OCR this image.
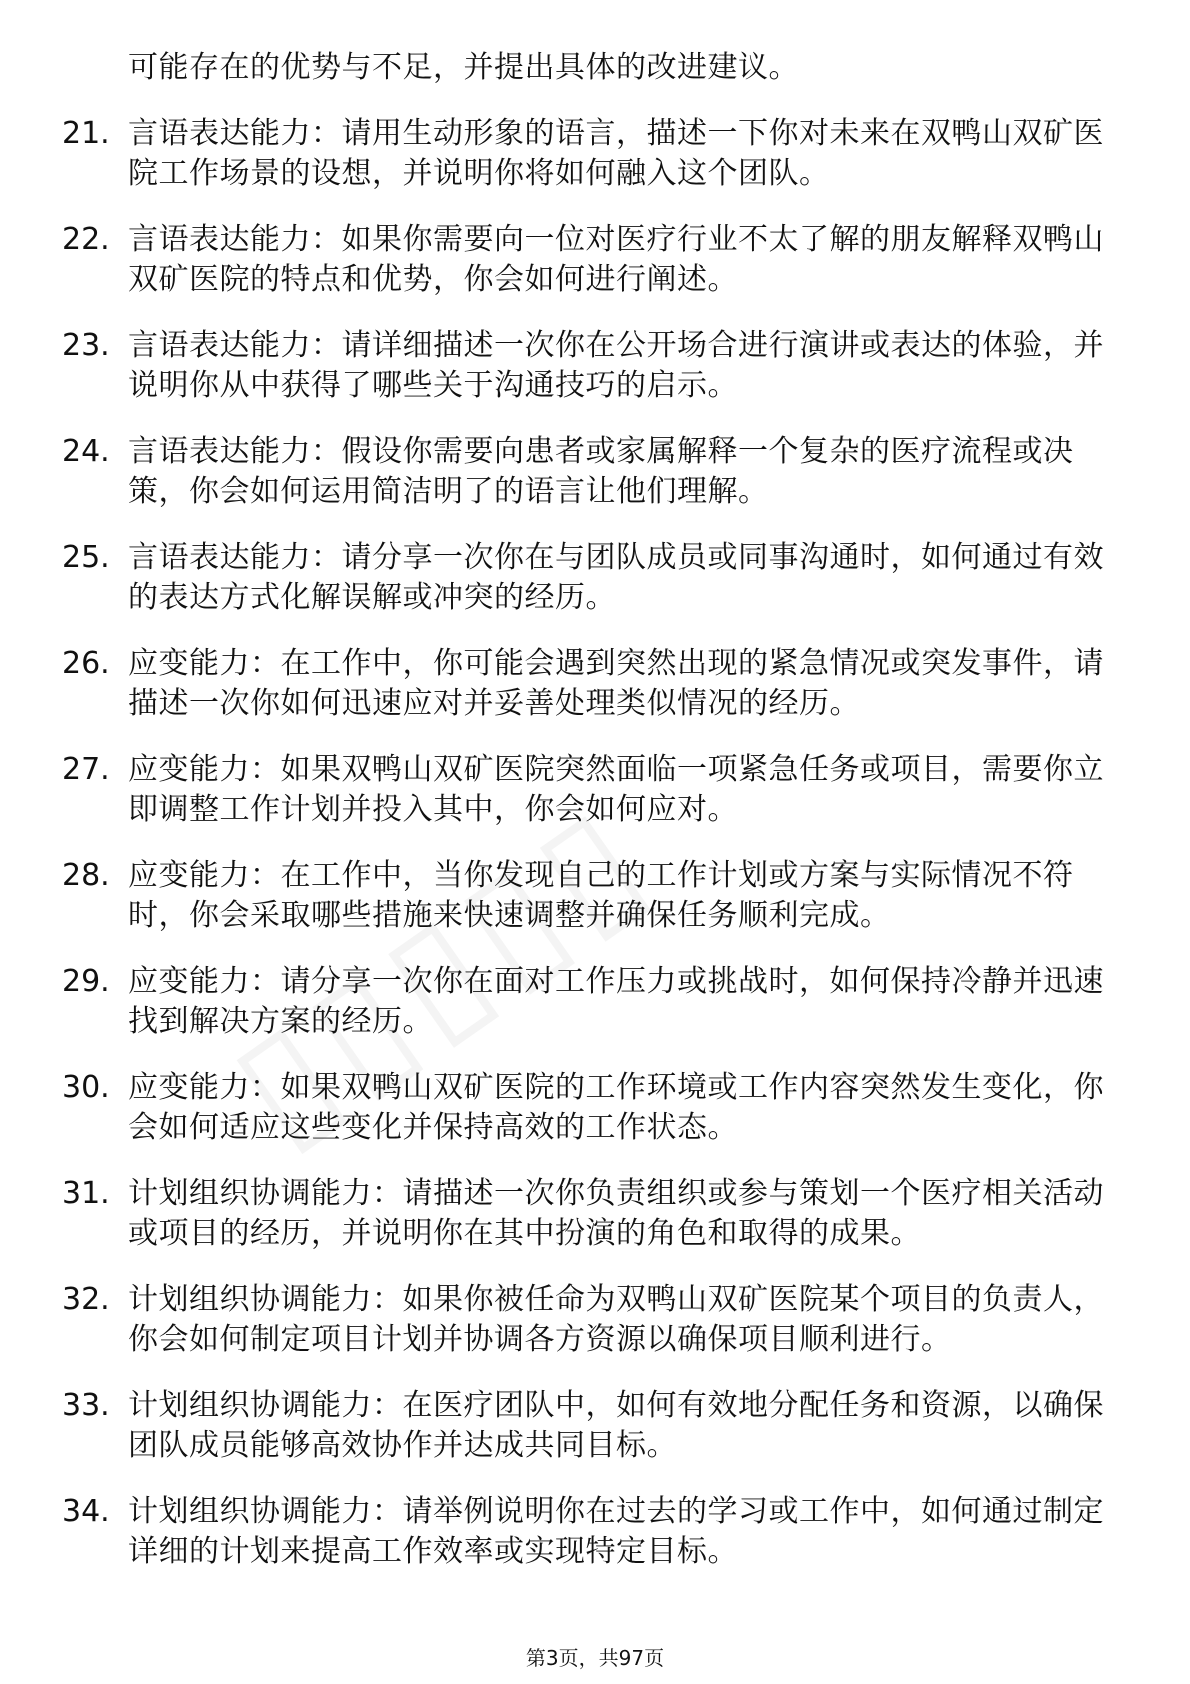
可能存在的优势与不足，并提出具体的改进建议。

21. 言语表达能力：请用生动形象的语言，描述一下你对未来在双鸭山双矿医院工作场景的设想，并说明你将如何融入这个团队。
22. 言语表达能力：如果你需要向一位对医疗行业不太了解的朋友解释双鸭山双矿医院的特点和优势，你会如何进行阐述。
23. 言语表达能力：请详细描述一次你在公开场合进行演讲或表达的体验，并说明你从中获得了哪些关于沟通技巧的启示。
24. 言语表达能力：假设你需要向患者或家属解释一个复杂的医疗流程或决策，你会如何运用简洁明了的语言让他们理解。
25. 言语表达能力：请分享一次你在与团队成员或同事沟通时，如何通过有效的表达方式化解误解或冲突的经历。
26. 应变能力：在工作中，你可能会遇到突然出现的紧急情况或突发事件，请描述一次你如何迅速应对并妥善处理类似情况的经历。
27. 应变能力：如果双鸭山双矿医院突然面临一项紧急任务或项目，需要你立即调整工作计划并投入其中，你会如何应对。
28. 应变能力：在工作中，当你发现自己的工作计划或方案与实际情况不符时，你会采取哪些措施来快速调整并确保任务顺利完成。
29. 应变能力：请分享一次你在面对工作压力或挑战时，如何保持冷静并迅速找到解决方案的经历。
30. 应变能力：如果双鸭山双矿医院的工作环境或工作内容突然发生变化，你会如何适应这些变化并保持高效的工作状态。
31. 计划组织协调能力：请描述一次你负责组织或参与策划一个医疗相关活动或项目的经历，并说明你在其中扮演的角色和取得的成果。
32. 计划组织协调能力：如果你被任命为双鸭山双矿医院某个项目的负责人，你会如何制定项目计划并协调各方资源以确保项目顺利进行。
33. 计划组织协调能力：在医疗团队中，如何有效地分配任务和资源，以确保团队成员能够高效协作并达成共同目标。
34. 计划组织协调能力：请举例说明你在过去的学习或工作中，如何通过制定详细的计划来提高工作效率或实现特定目标。
第3页，共97页
